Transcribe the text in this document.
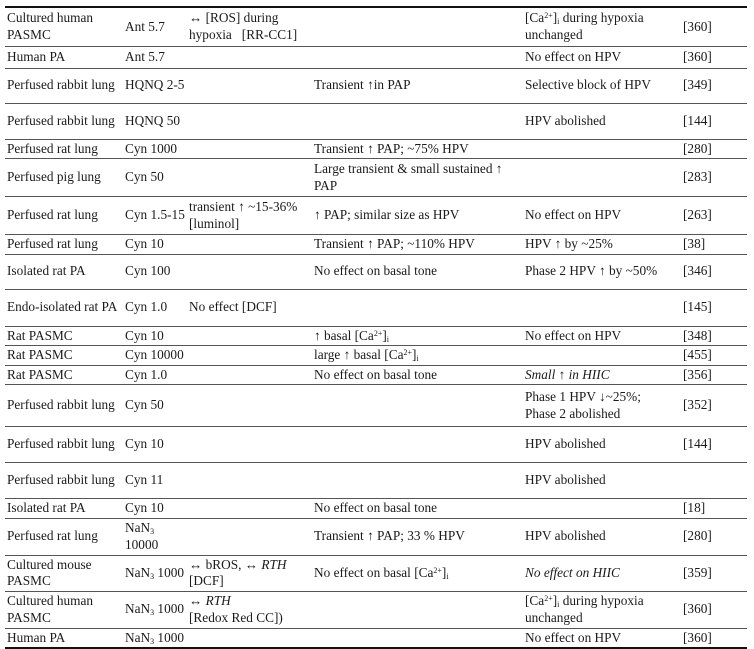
Cultured human PASMC	Ant 5.7	↔ [ROS] during
hypoxia   [RR-CC1]		$[Ca^{2+}]_i$ during hypoxia unchanged	[360]
Human PA	Ant 5.7			No effect on HPV	[360]
Perfused rabbit lung	HQNQ 2-5		Transient ↑in PAP	Selective block of HPV	[349]
Perfused rabbit lung	HQNQ 50			HPV abolished	[144]
Perfused rat lung	Cyn 1000		Transient ↑ PAP; ~75% HPV		[280]
Perfused pig lung	Cyn 50		Large transient & small sustained ↑ PAP		[283]
Perfused rat lung	Cyn 1.5-15	transient ↑ ~15-36% [luminol]	↑ PAP; similar size as HPV	No effect on HPV	[263]
Perfused rat lung	Cyn 10		Transient ↑ PAP; ~110% HPV	HPV ↑ by ~25%	[38]
Isolated rat PA	Cyn 100		No effect on basal tone	Phase 2 HPV ↑ by ~50%	[346]
Endo-isolated rat PA	Cyn 1.0	No effect [DCF]			[145]
Rat PASMC	Cyn 10		↑ basal $[Ca^{2+}]_i$	No effect on HPV	[348]
Rat PASMC	Cyn 10000		large ↑ basal $[Ca^{2+}]_i$		[455]
Rat PASMC	Cyn 1.0		No effect on basal tone	Small ↑ in HIIC	[356]
Perfused rabbit lung	Cyn 50			Phase 1 HPV ↓~25%;
Phase 2 abolished	[352]
Perfused rabbit lung	Cyn 10			HPV abolished	[144]
Perfused rabbit lung	Cyn 11			HPV abolished	
Isolated rat PA	Cyn 10		No effect on basal tone		[18]
Perfused rat lung	NaN$_3$
10000		Transient ↑ PAP; 33 % HPV	HPV abolished	[280]
Cultured mouse PASMC	NaN$_3$ 1000	↔ bROS, ↔ RTH
[DCF]	No effect on basal $[Ca^{2+}]_i$	No effect on HIIC	[359]
Cultured human PASMC	NaN$_3$ 1000	↔ RTH
[Redox Red CC])		$[Ca^{2+}]_i$ during hypoxia unchanged	[360]
Human PA	NaN$_3$ 1000			No effect on HPV	[360]
